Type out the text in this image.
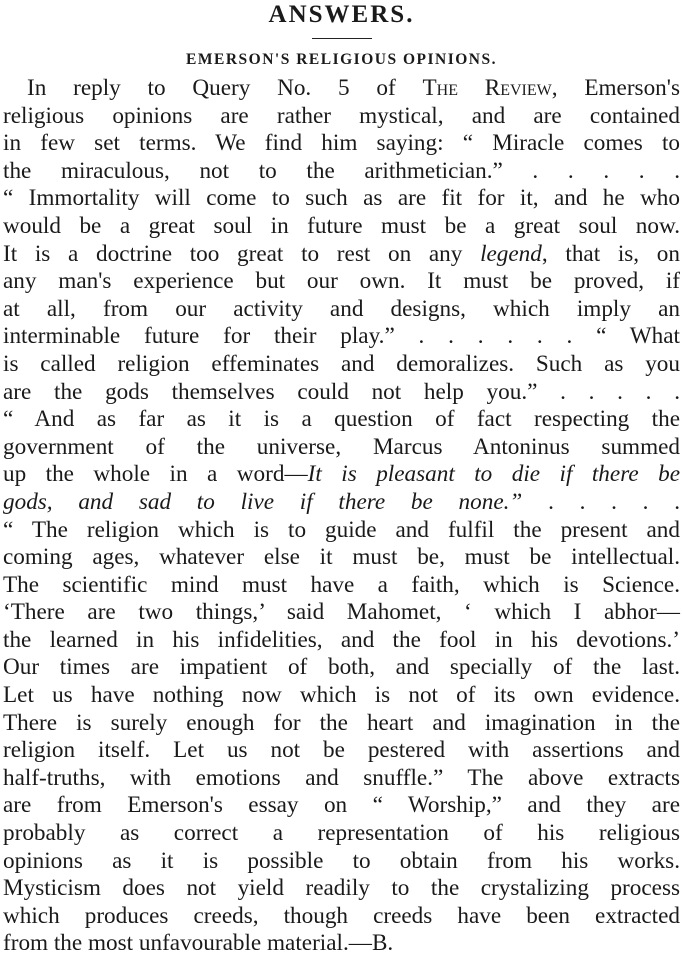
ANSWERS.
EMERSON'S RELIGIOUS OPINIONS.
In reply to Query No. 5 of The Review, Emerson's
religious opinions are rather mystical, and are contained
in few set terms. We find him saying: “ Miracle comes to
the miraculous, not to the arithmetician.” . . . . .
“ Immortality will come to such as are fit for it, and he who
would be a great soul in future must be a great soul now.
It is a doctrine too great to rest on any legend, that is, on
any man's experience but our own. It must be proved, if
at all, from our activity and designs, which imply an
interminable future for their play.” . . . . . . “ What
is called religion effeminates and demoralizes. Such as you
are the gods themselves could not help you.” . . . . .
“ And as far as it is a question of fact respecting the
government of the universe, Marcus Antoninus summed
up the whole in a word—It is pleasant to die if there be
gods, and sad to live if there be none.” . . . . .
“ The religion which is to guide and fulfil the present and
coming ages, whatever else it must be, must be intellectual.
The scientific mind must have a faith, which is Science.
‘There are two things,’ said Mahomet, ‘ which I abhor—
the learned in his infidelities, and the fool in his devotions.’
Our times are impatient of both, and specially of the last.
Let us have nothing now which is not of its own evidence.
There is surely enough for the heart and imagination in the
religion itself. Let us not be pestered with assertions and
half-truths, with emotions and snuffle.” The above extracts
are from Emerson's essay on “ Worship,” and they are
probably as correct a representation of his religious
opinions as it is possible to obtain from his works.
Mysticism does not yield readily to the crystalizing process
which produces creeds, though creeds have been extracted
from the most unfavourable material.—B.
